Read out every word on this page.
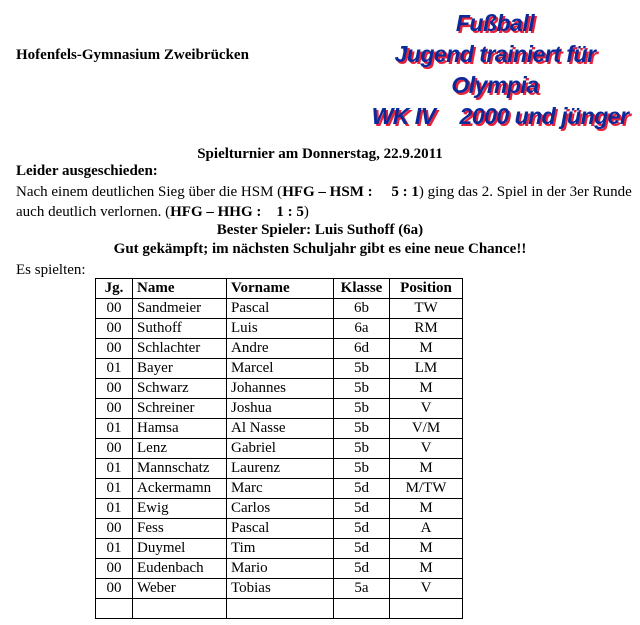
Hofenfels-Gymnasium Zweibrücken
Fußball
Jugend trainiert für Olympia
WK IV 2000 und jünger
Spielturnier am Donnerstag, 22.9.2011
Leider ausgeschieden:
Nach einem deutlichen Sieg über die HSM (HFG – HSM :     5 : 1) ging das 2. Spiel in der 3er Runde auch deutlich verlornen. (HFG – HHG :    1 : 5)
Bester Spieler: Luis Suthoff (6a)
Gut gekämpft; im nächsten Schuljahr gibt es eine neue Chance!!
Es spielten:
Jg.	Name	Vorname	Klasse	Position
00	Sandmeier	Pascal	6b	TW
00	Suthoff	Luis	6a	RM
00	Schlachter	Andre	6d	M
01	Bayer	Marcel	5b	LM
00	Schwarz	Johannes	5b	M
00	Schreiner	Joshua	5b	V
01	Hamsa	Al Nasse	5b	V/M
00	Lenz	Gabriel	5b	V
01	Mannschatz	Laurenz	5b	M
01	Ackermamn	Marc	5d	M/TW
01	Ewig	Carlos	5d	M
00	Fess	Pascal	5d	A
01	Duymel	Tim	5d	M
00	Eudenbach	Mario	5d	M
00	Weber	Tobias	5a	V
